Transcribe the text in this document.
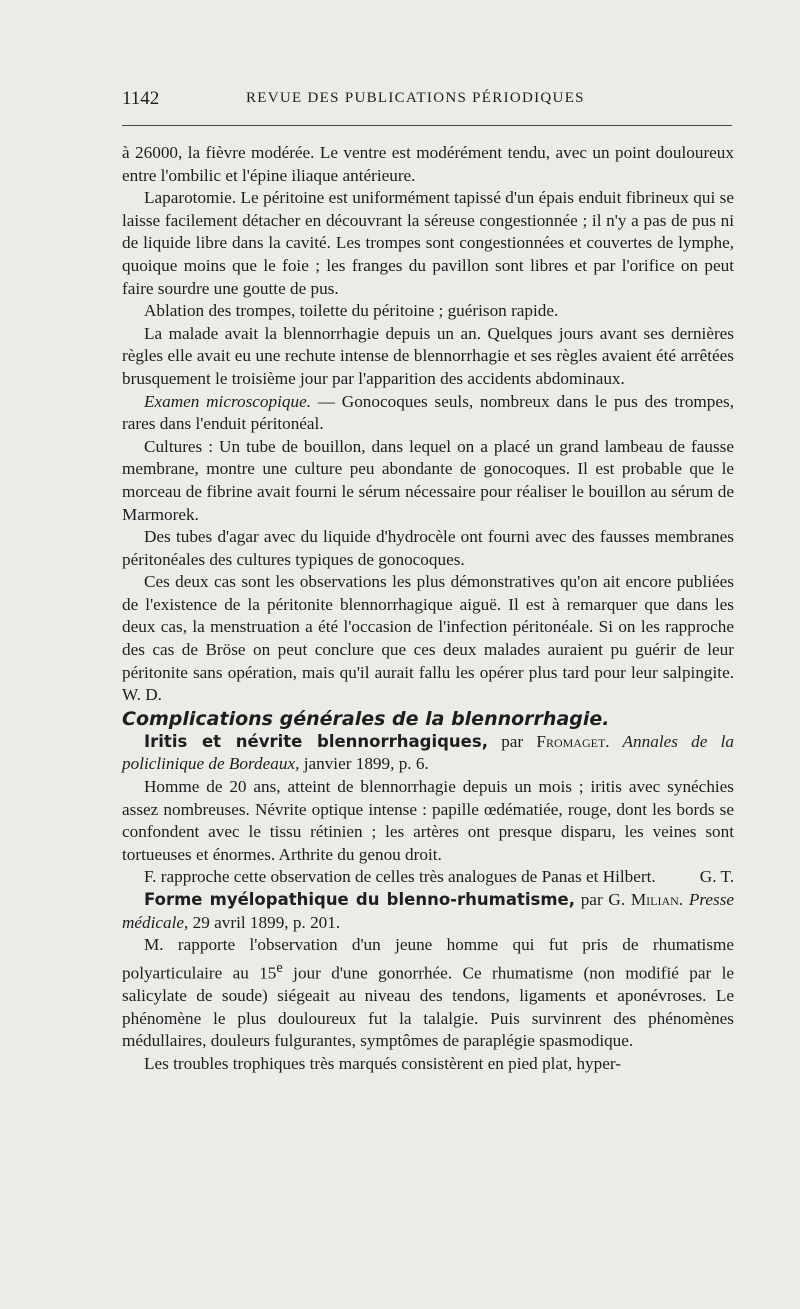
1142	REVUE DES PUBLICATIONS PÉRIODIQUES

à 26000, la fièvre modérée. Le ventre est modérément tendu, avec un point douloureux entre l'ombilic et l'épine iliaque antérieure.

Laparotomie. Le péritoine est uniformément tapissé d'un épais enduit fibrineux qui se laisse facilement détacher en découvrant la séreuse congestionnée ; il n'y a pas de pus ni de liquide libre dans la cavité. Les trompes sont congestionnées et couvertes de lymphe, quoique moins que le foie ; les franges du pavillon sont libres et par l'orifice on peut faire sourdre une goutte de pus.

Ablation des trompes, toilette du péritoine ; guérison rapide.

La malade avait la blennorrhagie depuis un an. Quelques jours avant ses dernières règles elle avait eu une rechute intense de blennorrhagie et ses règles avaient été arrêtées brusquement le troisième jour par l'apparition des accidents abdominaux.

Examen microscopique. — Gonocoques seuls, nombreux dans le pus des trompes, rares dans l'enduit péritonéal.

Cultures : Un tube de bouillon, dans lequel on a placé un grand lambeau de fausse membrane, montre une culture peu abondante de gonocoques. Il est probable que le morceau de fibrine avait fourni le sérum nécessaire pour réaliser le bouillon au sérum de Marmorek.

Des tubes d'agar avec du liquide d'hydrocèle ont fourni avec des fausses membranes péritonéales des cultures typiques de gonocoques.

Ces deux cas sont les observations les plus démonstratives qu'on ait encore publiées de l'existence de la péritonite blennorrhagique aiguë. Il est à remarquer que dans les deux cas, la menstruation a été l'occasion de l'infection péritonéale. Si on les rapproche des cas de Bröse on peut conclure que ces deux malades auraient pu guérir de leur péritonite sans opération, mais qu'il aurait fallu les opérer plus tard pour leur salpingite. W. D.

Complications générales de la blennorrhagie.

Iritis et névrite blennorrhagiques, par Fromaget. Annales de la policlinique de Bordeaux, janvier 1899, p. 6.

Homme de 20 ans, atteint de blennorrhagie depuis un mois ; iritis avec synéchies assez nombreuses. Névrite optique intense : papille œdématiée, rouge, dont les bords se confondent avec le tissu rétinien ; les artères ont presque disparu, les veines sont tortueuses et énormes. Arthrite du genou droit.

F. rapproche cette observation de celles très analogues de Panas et Hilbert.	G. T.

Forme myélopathique du blenno-rhumatisme, par G. Milian. Presse médicale, 29 avril 1899, p. 201.

M. rapporte l'observation d'un jeune homme qui fut pris de rhumatisme polyarticulaire au 15e jour d'une gonorrhée. Ce rhumatisme (non modifié par le salicylate de soude) siégeait au niveau des tendons, ligaments et aponévroses. Le phénomène le plus douloureux fut la talalgie. Puis survinrent des phénomènes médullaires, douleurs fulgurantes, symptômes de paraplégie spasmodique.

Les troubles trophiques très marqués consistèrent en pied plat, hyper-
